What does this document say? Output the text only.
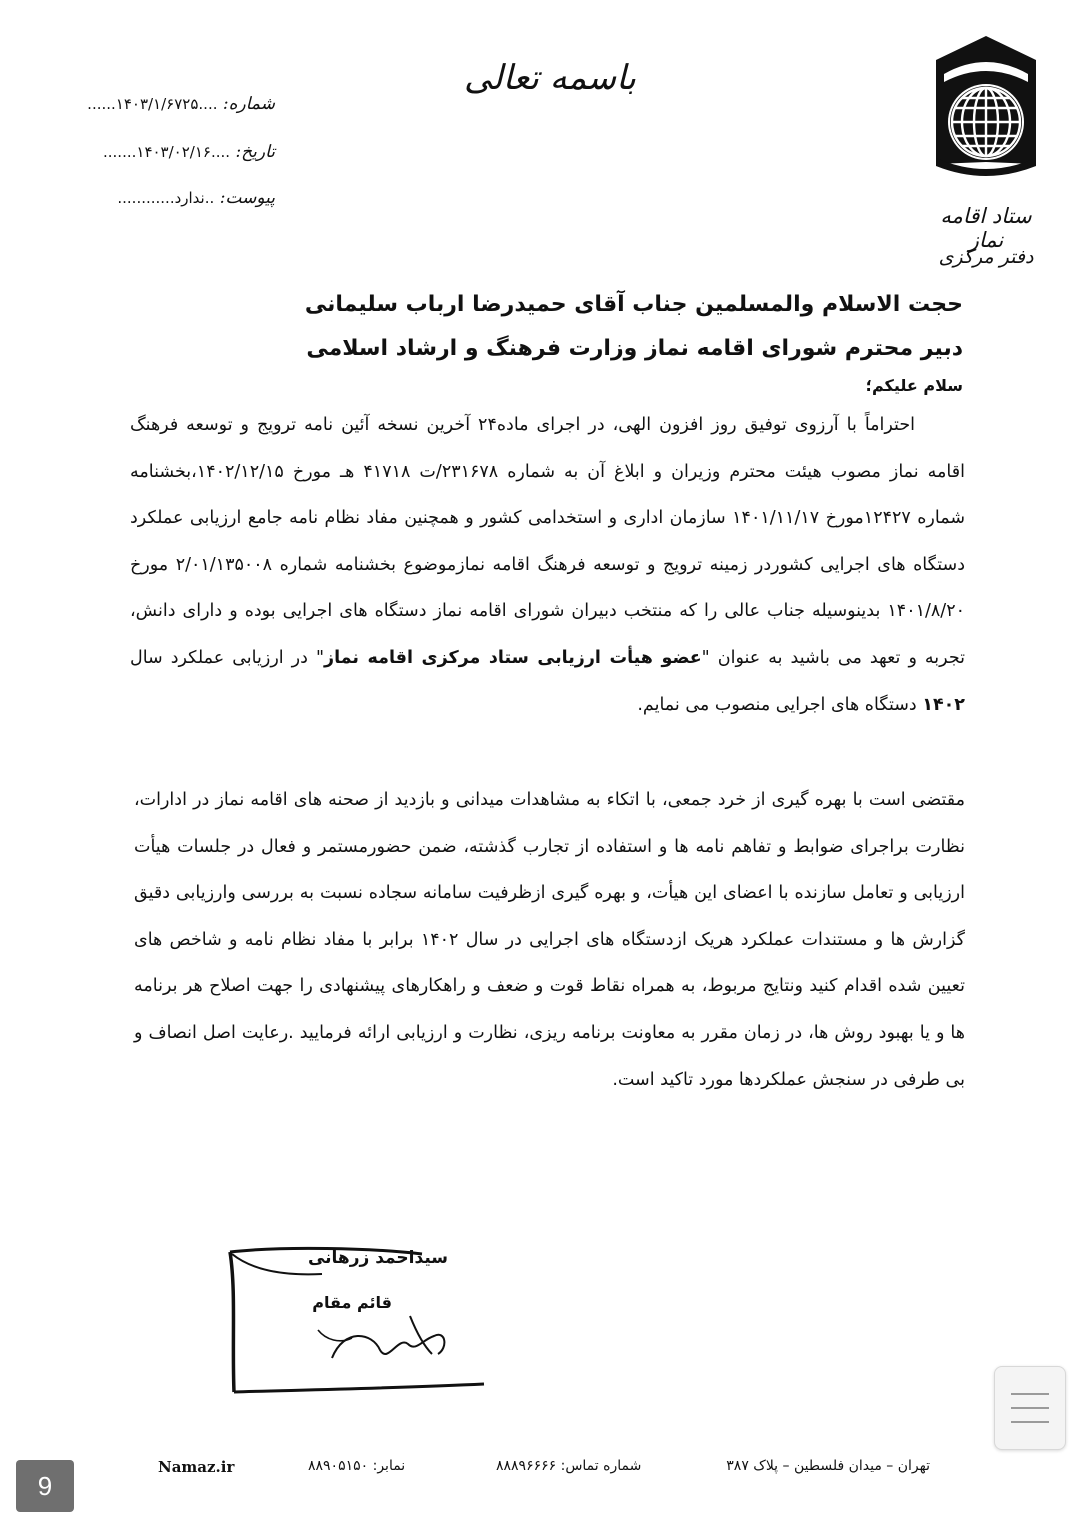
ستاد اقامه نماز
دفتر مرکزی
باسمه تعالی
شماره: ....۱۴۰۳/۱/۶۷۲۵......
تاریخ: ....۱۴۰۳/۰۲/۱۶.......
پیوست: ..ندارد............
حجت الاسلام والمسلمین جناب آقای حمیدرضا ارباب سلیمانی
دبیر محترم شورای اقامه نماز وزارت فرهنگ و ارشاد اسلامی
سلام علیکم؛
احتراماً با آرزوی توفیق روز افزون الهی، در اجرای ماده۲۴ آخرین نسخه آئین نامه ترویج و توسعه فرهنگ اقامه نماز مصوب هیئت محترم وزیران و ابلاغ آن به شماره ۲۳۱۶۷۸/ت ۴۱۷۱۸ هـ مورخ ۱۴۰۲/۱۲/۱۵،بخشنامه شماره ۱۲۴۲۷مورخ ۱۴۰۱/۱۱/۱۷ سازمان اداری و استخدامی کشور و همچنین مفاد نظام نامه جامع ارزیابی عملکرد دستگاه های اجرایی کشوردر زمینه ترویج و توسعه فرهنگ اقامه نمازموضوع بخشنامه شماره ۲/۰۱/۱۳۵۰۰۸ مورخ ۱۴۰۱/۸/۲۰ بدینوسیله جناب عالی را که منتخب دبیران شورای اقامه نماز دستگاه های اجرایی بوده و دارای دانش، تجربه و تعهد می باشید به عنوان "عضو هیأت ارزیابی ستاد مرکزی اقامه نماز" در ارزیابی عملکرد سال ۱۴۰۲ دستگاه های اجرایی منصوب می نمایم.
مقتضی است با بهره گیری از خرد جمعی، با اتکاء به مشاهدات میدانی و بازدید از صحنه های اقامه نماز در ادارات، نظارت براجرای ضوابط و تفاهم نامه ها و استفاده از تجارب گذشته، ضمن حضورمستمر و فعال در جلسات هیأت ارزیابی و تعامل سازنده با اعضای این هیأت، و بهره گیری ازظرفیت سامانه سجاده نسبت به بررسی وارزیابی دقیق گزارش ها و مستندات عملکرد هریک ازدستگاه های اجرایی در سال ۱۴۰۲ برابر با مفاد نظام نامه و شاخص های تعیین شده اقدام کنید ونتایج مربوط، به همراه نقاط قوت و ضعف و راهکارهای پیشنهادی را جهت اصلاح هر برنامه ها و یا بهبود روش ها، در زمان مقرر به معاونت برنامه ریزی، نظارت و ارزیابی ارائه فرمایید .رعایت اصل انصاف و بی طرفی در سنجش عملکردها مورد تاکید است.
سیداحمد زرهانی
قائم مقام
تهران – میدان فلسطین – پلاک ۳۸۷
شماره تماس: ۸۸۸۹۶۶۶۶
نمابر: ۸۸۹۰۵۱۵۰
Namaz.ir
9
